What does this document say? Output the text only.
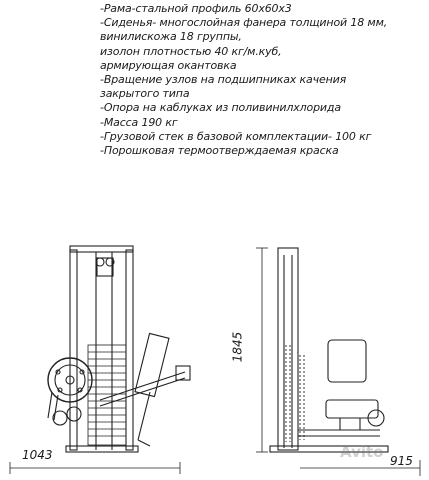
-Рама-стальной профиль 60х60х3
-Сиденья- многослойная фанера толщиной 18 мм,
винилискожа 18 группы,
изолон плотностью 40 кг/м.куб,
армирующая окантовка
-Вращение узлов на подшипниках качения
закрытого типа
-Опора на каблуках из поливинилхлорида
-Масса 190 кг
-Грузовой стек в базовой комплектации- 100 кг
-Порошковая термоотверждаемая краска
1043
1845
915
Avito
